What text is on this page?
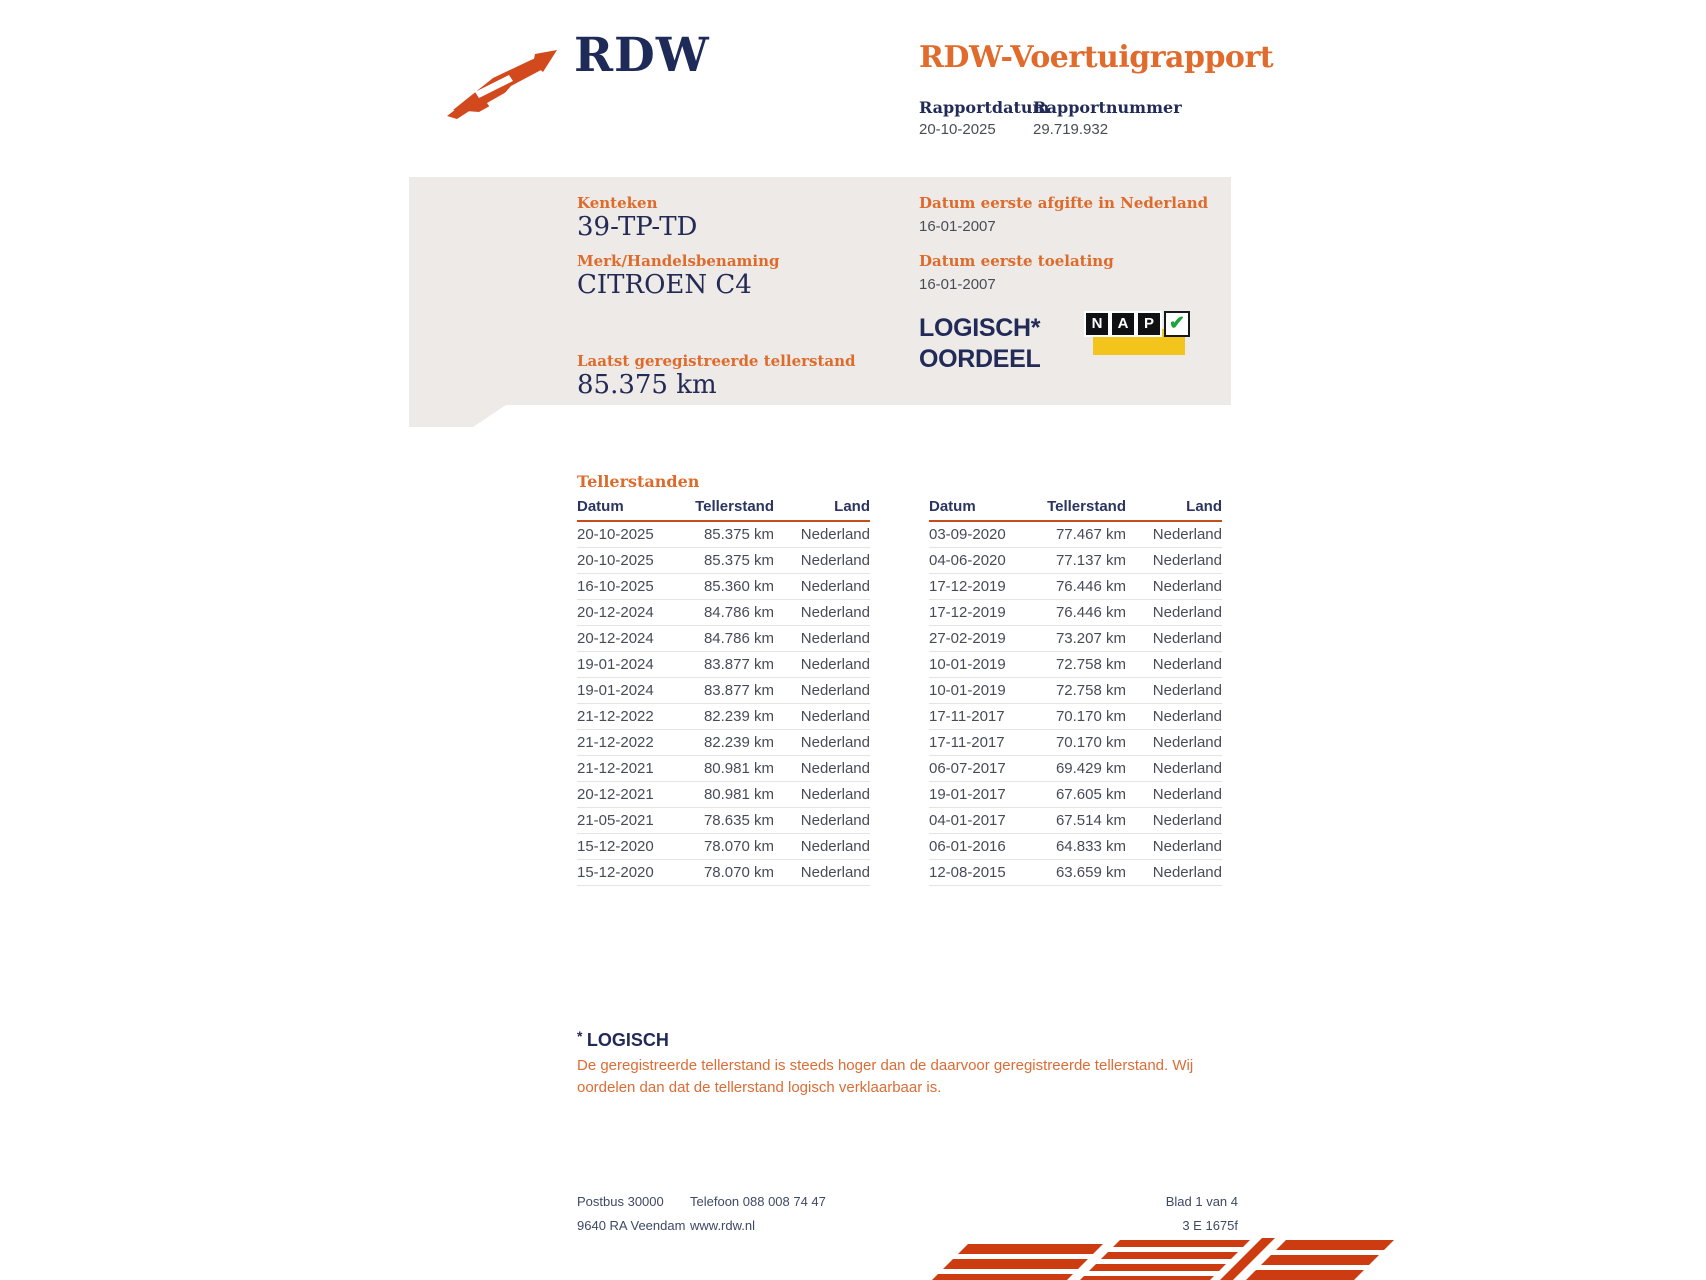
RDW	RDW-Voertuigrapport
Rapportdatum
Rapportnummer
20-10-2025 29.719.932
Kenteken
39-TP-TD
Merk/Handelsbenaming
CITROEN C4
Laatst geregistreerde tellerstand
85.375 km
Datum eerste afgifte in Nederland
16-01-2007
Datum eerste toelating
16-01-2007
LOGISCH*
OORDEEL
N	A	P ✔
Tellerstanden
Datum	Tellerstand	Land
20-10-2025	85.375 km	Nederland
20-10-2025	85.375 km	Nederland
16-10-2025	85.360 km	Nederland
20-12-2024	84.786 km	Nederland
20-12-2024	84.786 km	Nederland
19-01-2024	83.877 km	Nederland
19-01-2024	83.877 km	Nederland
21-12-2022	82.239 km	Nederland
21-12-2022	82.239 km	Nederland
21-12-2021	80.981 km	Nederland
20-12-2021	80.981 km	Nederland
21-05-2021	78.635 km	Nederland
15-12-2020	78.070 km	Nederland
15-12-2020	78.070 km	Nederland
Datum	Tellerstand	Land
03-09-2020	77.467 km	Nederland
04-06-2020	77.137 km	Nederland
17-12-2019	76.446 km	Nederland
17-12-2019	76.446 km	Nederland
27-02-2019	73.207 km	Nederland
10-01-2019	72.758 km	Nederland
10-01-2019	72.758 km	Nederland
17-11-2017	70.170 km	Nederland
17-11-2017	70.170 km	Nederland
06-07-2017	69.429 km	Nederland
19-01-2017	67.605 km	Nederland
04-01-2017	67.514 km	Nederland
06-01-2016	64.833 km	Nederland
12-08-2015	63.659 km	Nederland
* LOGISCH
De geregistreerde tellerstand is steeds hoger dan de daarvoor geregistreerde tellerstand. Wij oordelen dan dat de tellerstand logisch verklaarbaar is.
Postbus 30000
9640 RA Veendam
Telefoon 088 008 74 47
www.rdw.nl
Blad 1 van 4
3 E 1675f
